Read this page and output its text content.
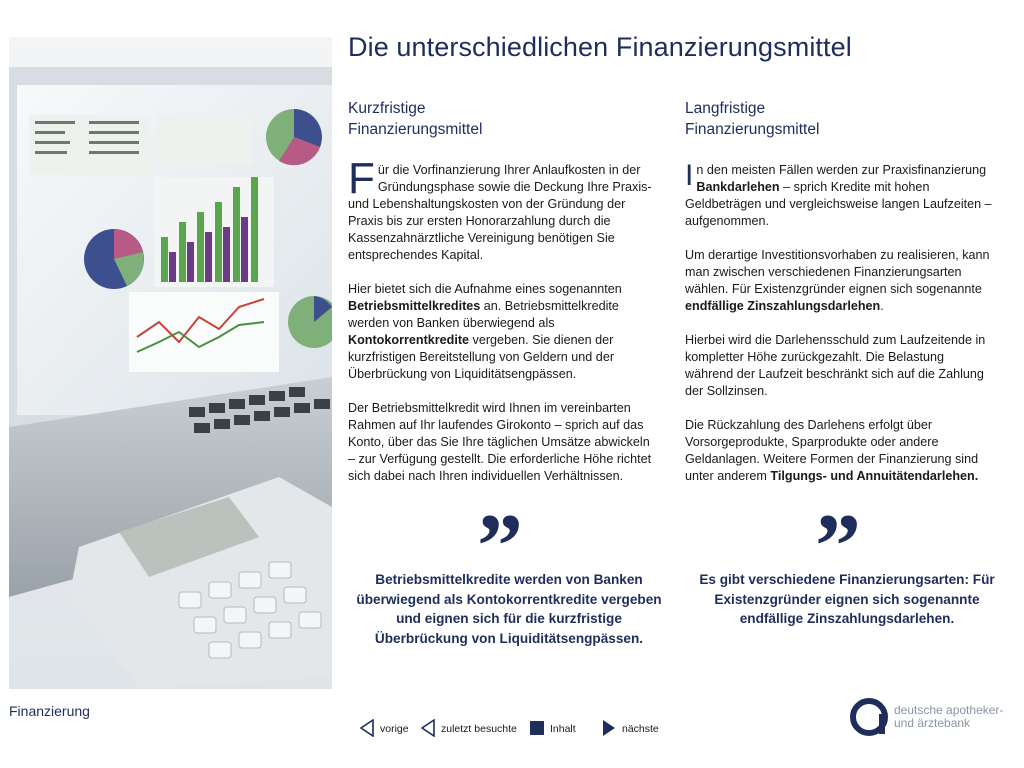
Finanzierung
Die unterschiedlichen Finanzierungsmittel
Kurzfristige
Finanzierungsmittel

Für die Vorfinanzierung Ihrer Anlaufkosten in der Gründungsphase sowie die Deckung Ihre Praxis- und Lebenshaltungskosten von der Gründung der Praxis bis zur ersten Honorarzahlung durch die Kassenzahnärztliche Vereinigung benötigen Sie entsprechendes Kapital.

Hier bietet sich die Aufnahme eines sogenannten Betriebsmittelkredites an. Betriebsmittelkredite werden von Banken überwiegend als Kontokorrentkredite vergeben. Sie dienen der kurzfristigen Bereitstellung von Geldern und der Überbrückung von Liquiditätsengpässen.

Der Betriebsmittelkredit wird Ihnen im vereinbarten Rahmen auf Ihr laufendes Girokonto – sprich auf das Konto, über das Sie Ihre täglichen Umsätze abwickeln – zur Verfügung gestellt. Die erforderliche Höhe richtet sich dabei nach Ihren individuellen Verhältnissen.

Langfristige
Finanzierungsmittel

In den meisten Fällen werden zur Praxisfinanzierung Bankdarlehen – sprich Kredite mit hohen Geldbeträgen und vergleichsweise langen Laufzeiten – aufgenommen.

Um derartige Investitionsvorhaben zu realisieren, kann man zwischen verschiedenen Finanzierungsarten wählen. Für Existenzgründer eignen sich sogenannte endfällige Zinszahlungsdarlehen.

Hierbei wird die Darlehensschuld zum Laufzeitende in kompletter Höhe zurückgezahlt. Die Belastung während der Laufzeit beschränkt sich auf die Zahlung der Sollzinsen.

Die Rückzahlung des Darlehens erfolgt über Vorsorgeprodukte, Sparprodukte oder andere Geldanlagen. Weitere Formen der Finanzierung sind unter anderem Tilgungs- und Annuitätendarlehen.

”
Betriebsmittelkredite werden von Banken überwiegend als Kontokorrentkredite vergeben und eignen sich für die kurzfristige Überbrückung von Liquiditätsengpässen.
”
Es gibt verschiedene Finanzierungsarten: Für Existenzgründer eignen sich sogenannte endfällige Zinszahlungsdarlehen.
vorige	zuletzt besuchte	Inhalt	nächste
deutsche apotheker-
und ärztebank
